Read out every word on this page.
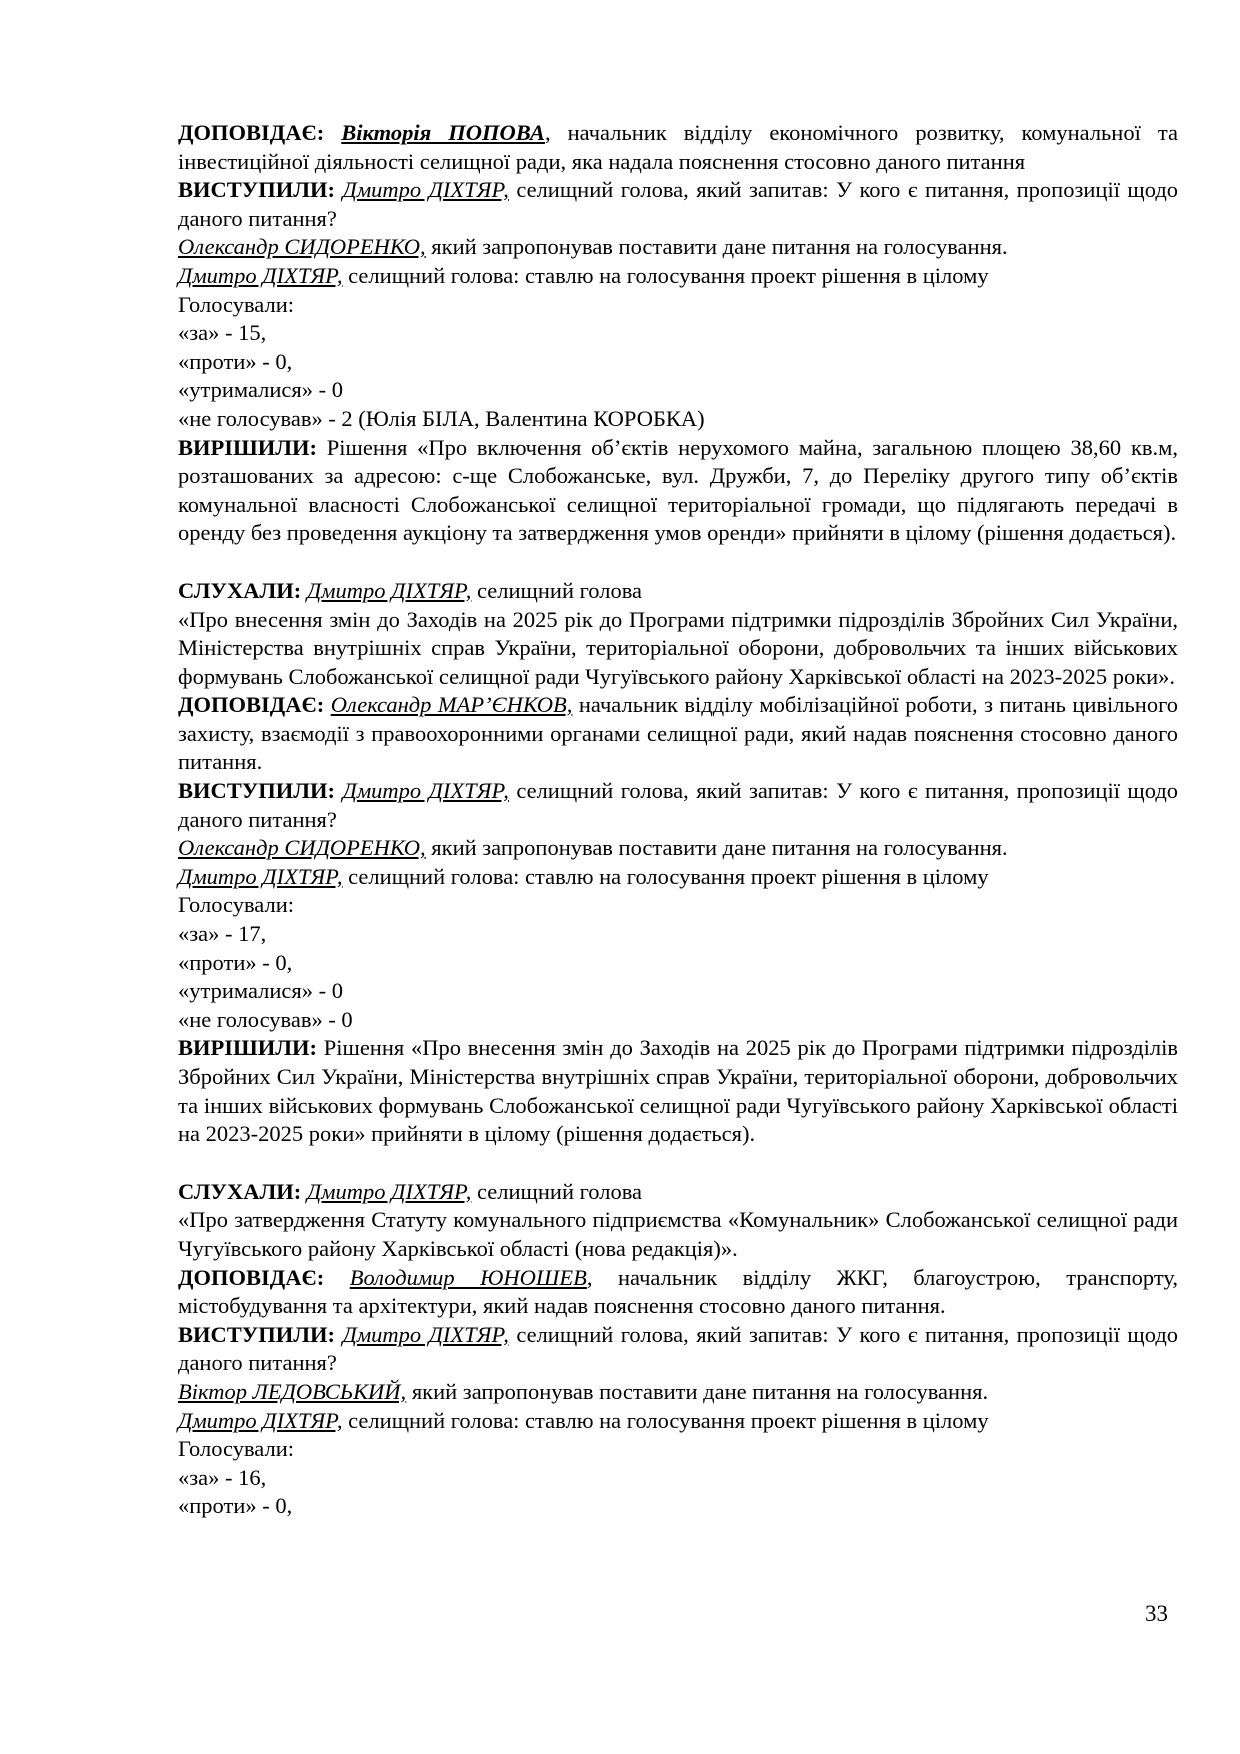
ДОПОВІДАЄ: Вікторія ПОПОВА, начальник відділу економічного розвитку, комунальної та інвестиційної діяльності селищної ради, яка надала пояснення стосовно даного питання

ВИСТУПИЛИ: Дмитро ДІХТЯР, селищний голова, який запитав: У кого є питання, пропозиції щодо даного питання?

Олександр СИДОРЕНКО, який запропонував поставити дане питання на голосування.

Дмитро ДІХТЯР, селищний голова: ставлю на голосування проект рішення в цілому

Голосували:

«за» - 15,

«проти» - 0,

«утрималися» - 0

«не голосував» - 2 (Юлія БІЛА, Валентина КОРОБКА)

ВИРІШИЛИ: Рішення «Про включення об’єктів нерухомого майна, загальною площею 38,60 кв.м, розташованих за адресою: с-ще Слобожанське, вул. Дружби, 7, до Переліку другого типу об’єктів комунальної власності Слобожанської селищної територіальної громади, що підлягають передачі в оренду без проведення аукціону та затвердження умов оренди» прийняти в цілому (рішення додається).

СЛУХАЛИ: Дмитро ДІХТЯР, селищний голова

«Про внесення змін до Заходів на 2025 рік до Програми підтримки підрозділів Збройних Сил України, Міністерства внутрішніх справ України, територіальної оборони, добровольчих та інших військових формувань Слобожанської селищної ради Чугуївського району Харківської області на 2023-2025 роки».

ДОПОВІДАЄ: Олександр МАР’ЄНКОВ, начальник відділу мобілізаційної роботи, з питань цивільного захисту, взаємодії з правоохоронними органами селищної ради, який надав пояснення стосовно даного питання.

ВИСТУПИЛИ: Дмитро ДІХТЯР, селищний голова, який запитав: У кого є питання, пропозиції щодо даного питання?

Олександр СИДОРЕНКО, який запропонував поставити дане питання на голосування.

Дмитро ДІХТЯР, селищний голова: ставлю на голосування проект рішення в цілому

Голосували:

«за» - 17,

«проти» - 0,

«утрималися» - 0

«не голосував» - 0

ВИРІШИЛИ: Рішення «Про внесення змін до Заходів на 2025 рік до Програми підтримки підрозділів Збройних Сил України, Міністерства внутрішніх справ України, територіальної оборони, добровольчих та інших військових формувань Слобожанської селищної ради Чугуївського району Харківської області на 2023-2025 роки» прийняти в цілому (рішення додається).

СЛУХАЛИ: Дмитро ДІХТЯР, селищний голова

«Про затвердження Статуту комунального підприємства «Комунальник» Слобожанської селищної ради Чугуївського району Харківської області (нова редакція)».

ДОПОВІДАЄ: Володимир ЮНОШЕВ, начальник відділу ЖКГ, благоустрою, транспорту, містобудування та архітектури, який надав пояснення стосовно даного питання.

ВИСТУПИЛИ: Дмитро ДІХТЯР, селищний голова, який запитав: У кого є питання, пропозиції щодо даного питання?

Віктор ЛЕДОВСЬКИЙ, який запропонував поставити дане питання на голосування.

Дмитро ДІХТЯР, селищний голова: ставлю на голосування проект рішення в цілому

Голосували:

«за» - 16,

«проти» - 0,

33
